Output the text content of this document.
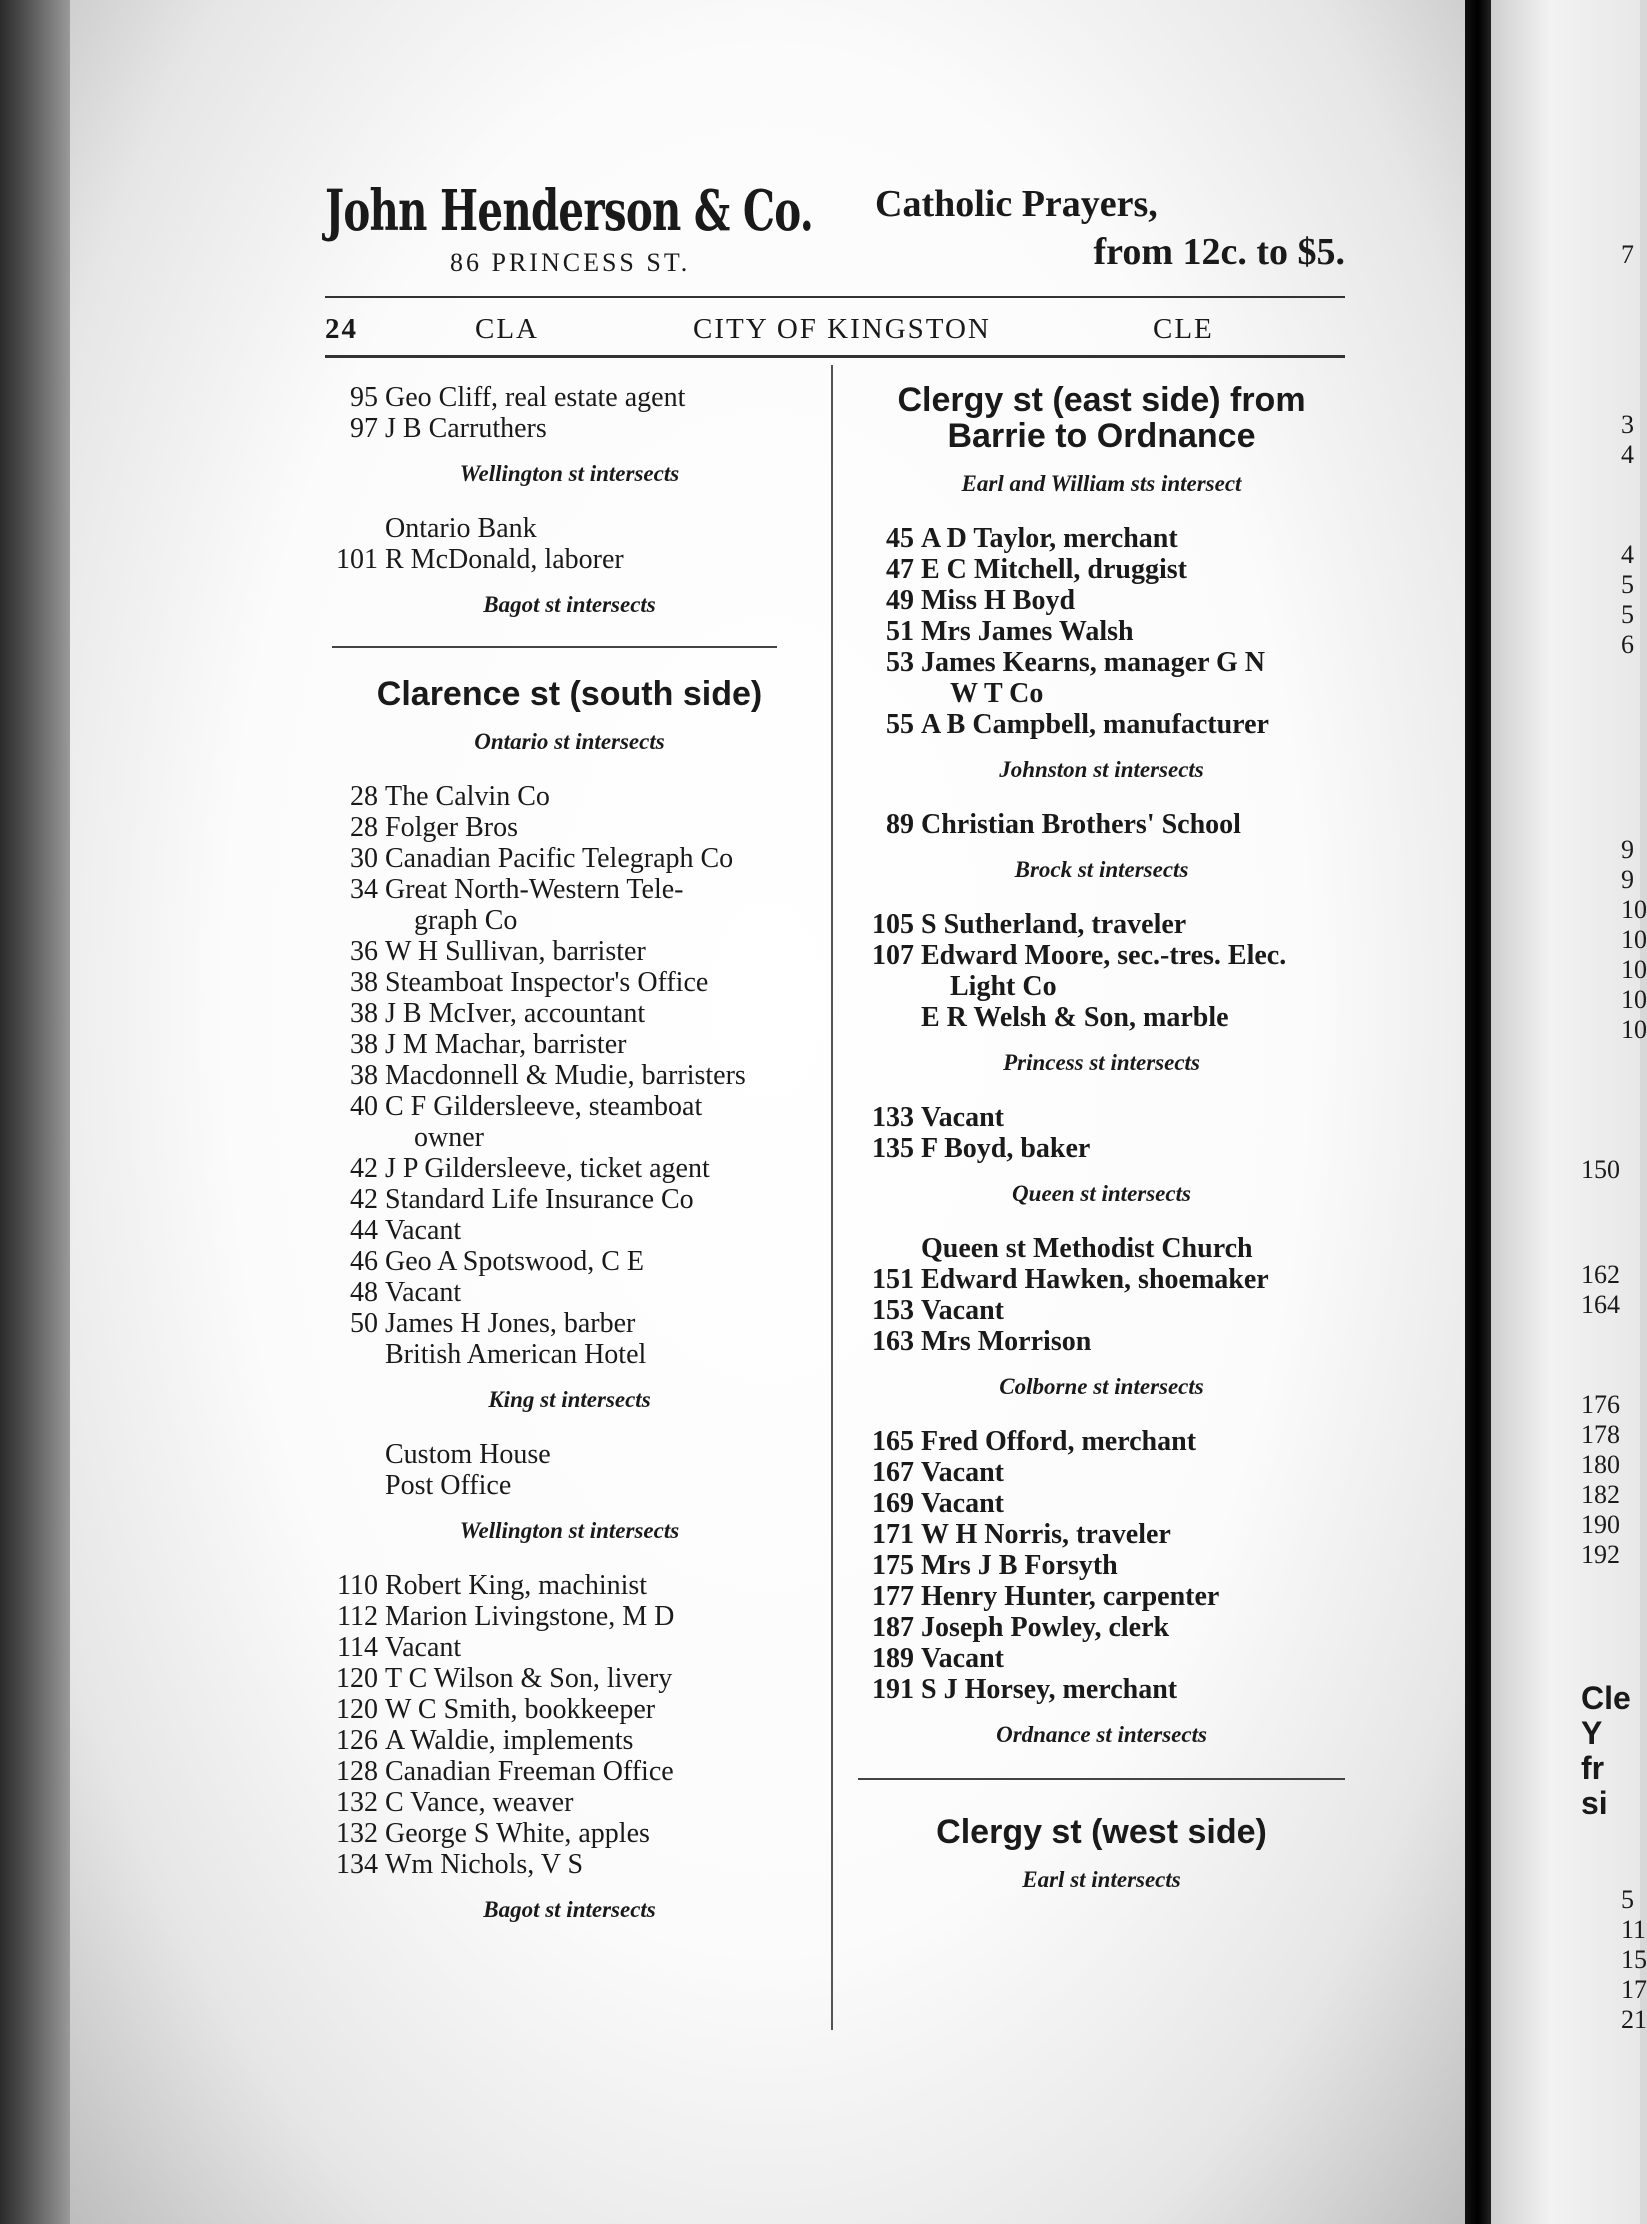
7
3
4
4
5
5
6
9
9
10
10
10
10
10
150
162
164
176
178
180
182
190
192
Cle
Y
fr
si
5
11
15
17
21
John Henderson & Co.
86 PRINCESS ST.
Catholic Prayers,
from 12c. to $5.
24	CLA	CITY OF KINGSTON	CLE
95 Geo Cliff, real estate agent
97 J B Carruthers
Wellington st intersects
Ontario Bank
101 R McDonald, laborer
Bagot st intersects
Clarence st (south side)
Ontario st intersects
28 The Calvin Co
28 Folger Bros
30 Canadian Pacific Telegraph Co
34 Great North-Western Tele-
graph Co
36 W H Sullivan, barrister
38 Steamboat Inspector's Office
38 J B McIver, accountant
38 J M Machar, barrister
38 Macdonnell & Mudie, barristers
40 C F Gildersleeve, steamboat
owner
42 J P Gildersleeve, ticket agent
42 Standard Life Insurance Co
44 Vacant
46 Geo A Spotswood, C E
48 Vacant
50 James H Jones, barber
British American Hotel
King st intersects
Custom House
Post Office
Wellington st intersects
110 Robert King, machinist
112 Marion Livingstone, M D
114 Vacant
120 T C Wilson & Son, livery
120 W C Smith, bookkeeper
126 A Waldie, implements
128 Canadian Freeman Office
132 C Vance, weaver
132 George S White, apples
134 Wm Nichols, V S
Bagot st intersects
Clergy st (east side) from
Barrie to Ordnance
Earl and William sts intersect
45 A D Taylor, merchant
47 E C Mitchell, druggist
49 Miss H Boyd
51 Mrs James Walsh
53 James Kearns, manager G N
W T Co
55 A B Campbell, manufacturer
Johnston st intersects
89 Christian Brothers' School
Brock st intersects
105 S Sutherland, traveler
107 Edward Moore, sec.-tres. Elec.
Light Co
E R Welsh & Son, marble
Princess st intersects
133 Vacant
135 F Boyd, baker
Queen st intersects
Queen st Methodist Church
151 Edward Hawken, shoemaker
153 Vacant
163 Mrs Morrison
Colborne st intersects
165 Fred Offord, merchant
167 Vacant
169 Vacant
171 W H Norris, traveler
175 Mrs J B Forsyth
177 Henry Hunter, carpenter
187 Joseph Powley, clerk
189 Vacant
191 S J Horsey, merchant
Ordnance st intersects
Clergy st (west side)
Earl st intersects
